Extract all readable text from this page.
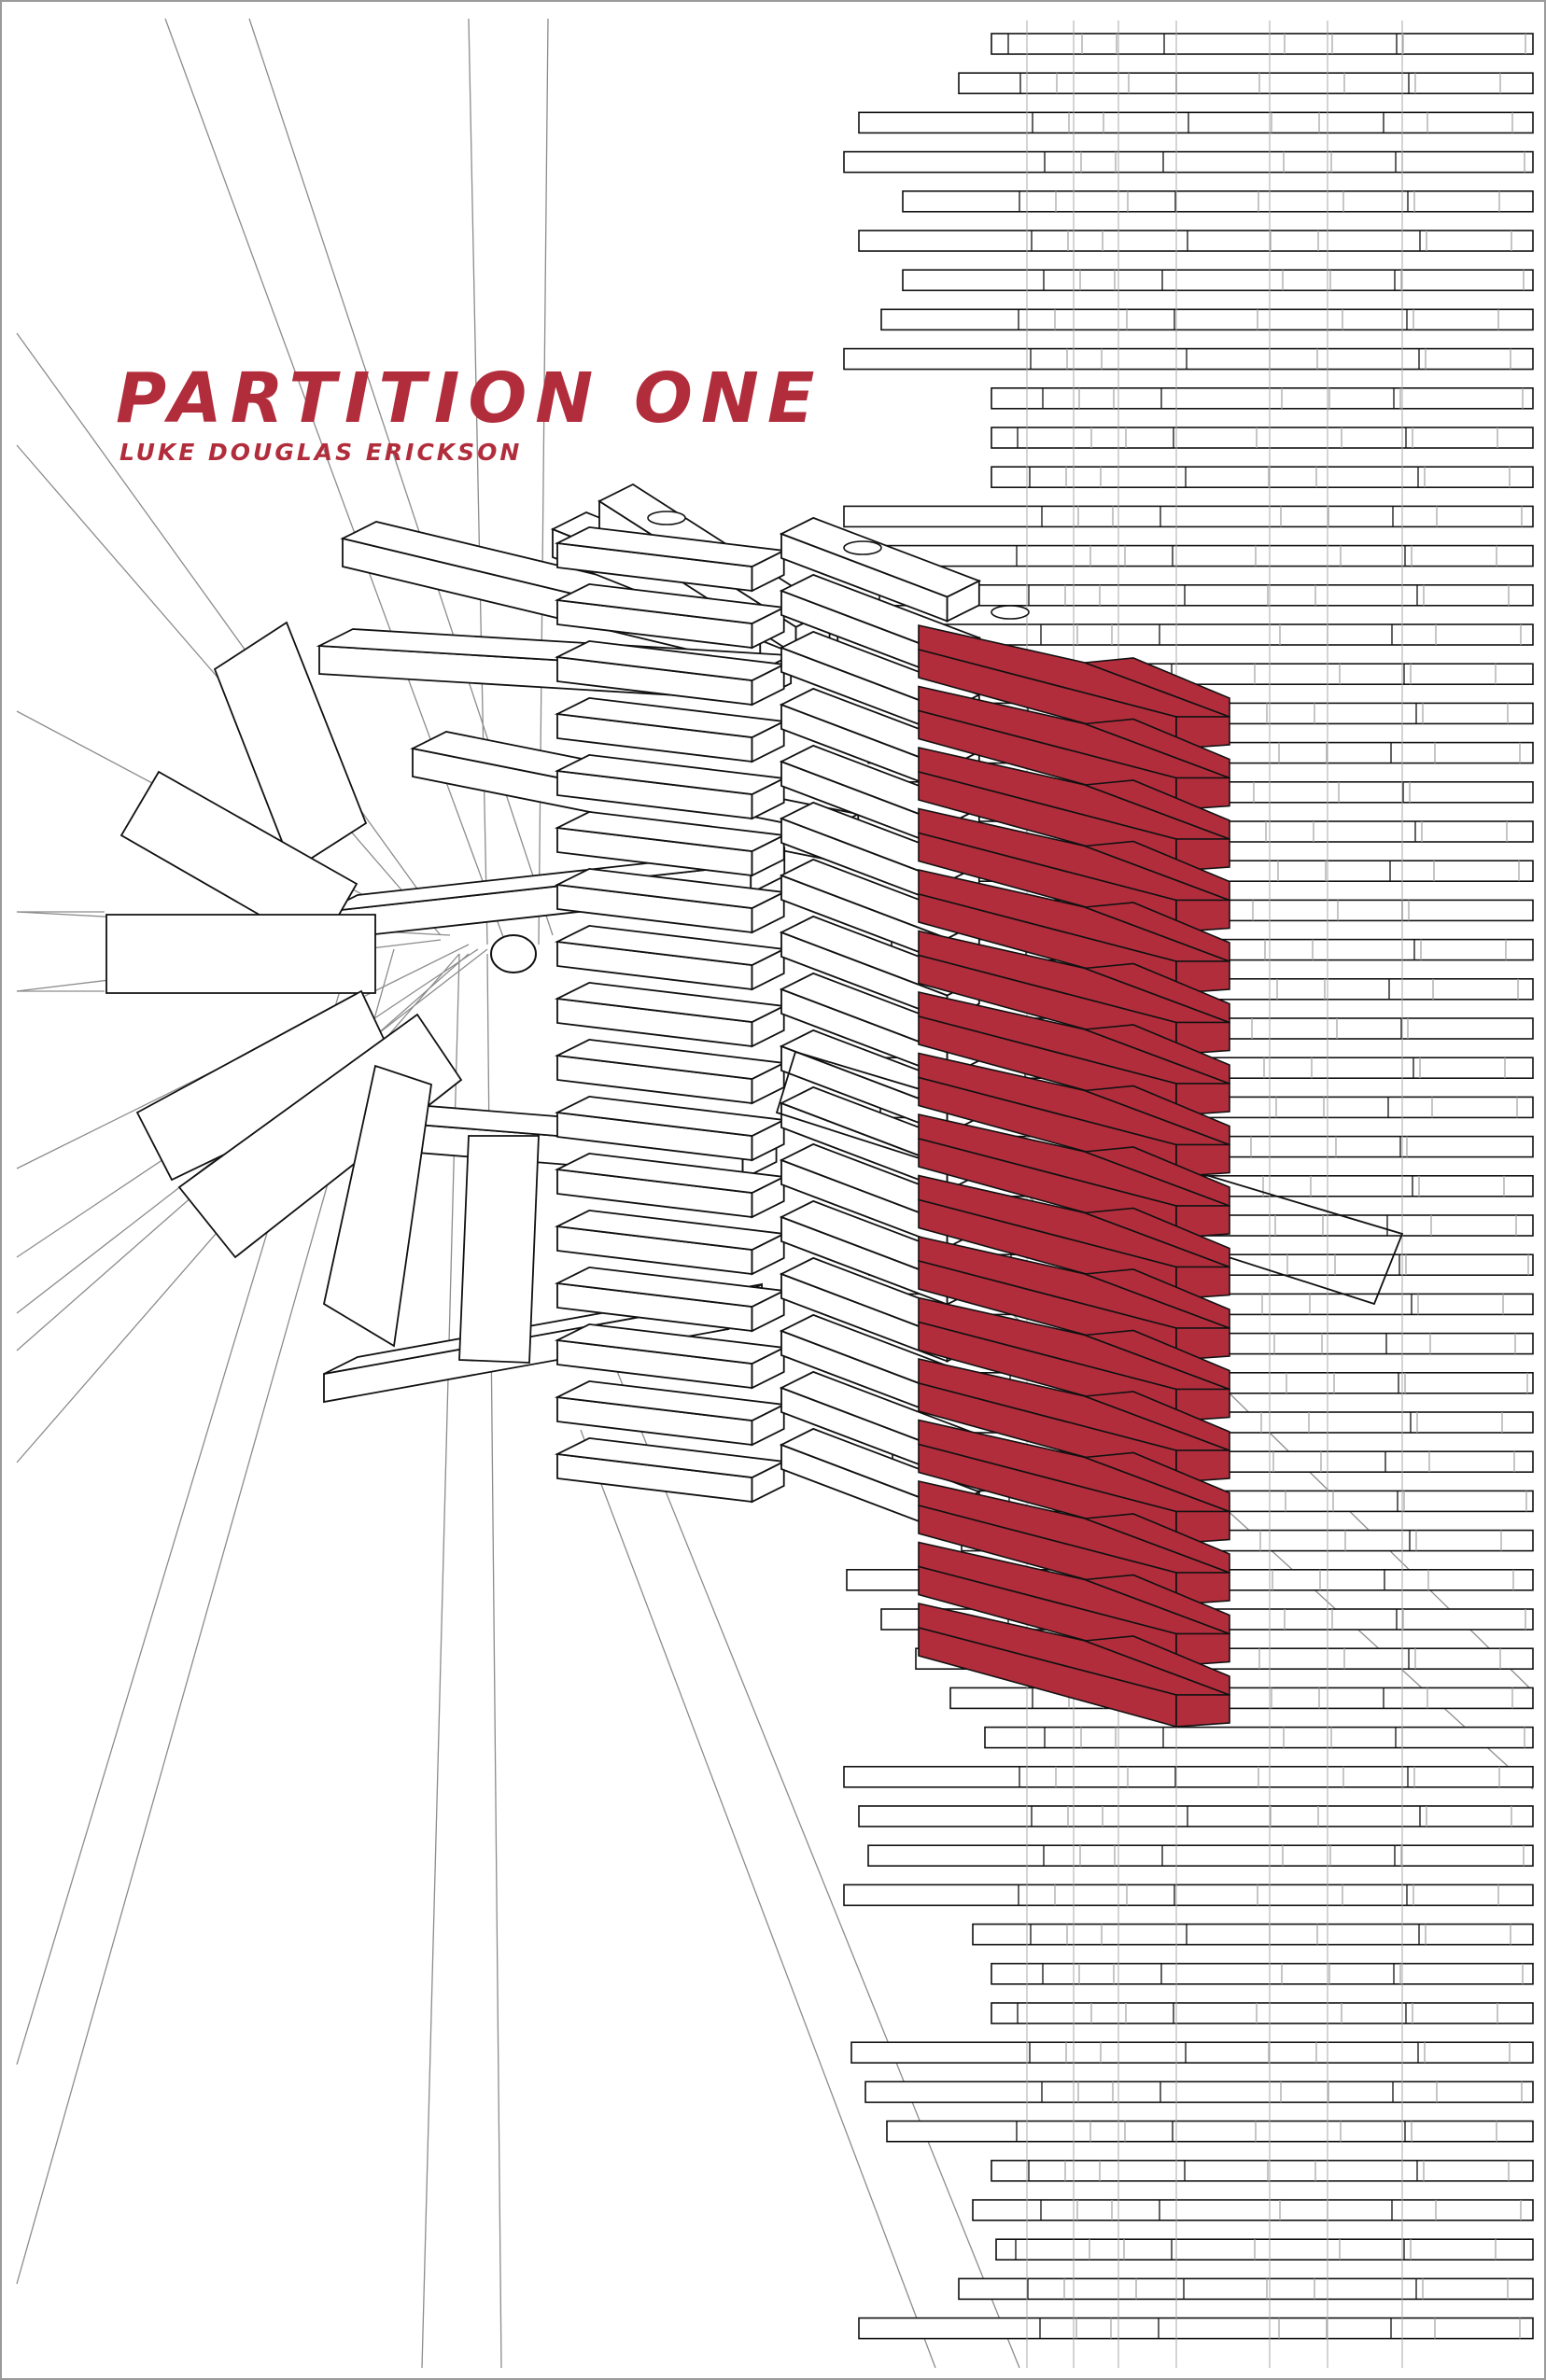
PARTITION ONE

LUKE DOUGLAS ERICKSON
